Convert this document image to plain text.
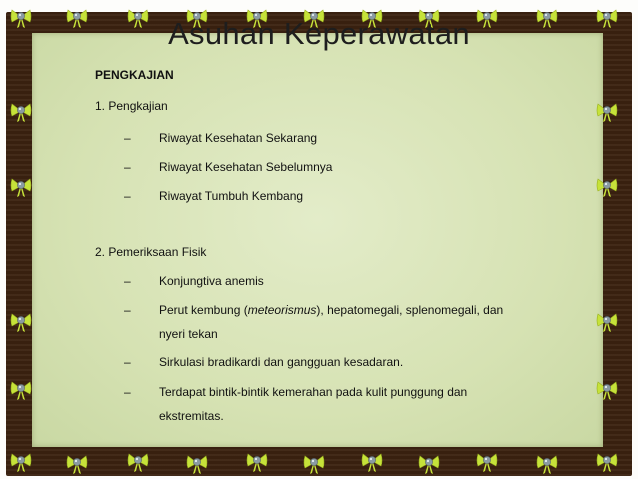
Asuhan Keperawatan
PENGKAJIAN
1. Pengkajian
– Riwayat Kesehatan Sekarang
– Riwayat Kesehatan Sebelumnya
– Riwayat Tumbuh Kembang
2. Pemeriksaan Fisik
– Konjungtiva anemis
– Perut kembung (meteorismus), hepatomegali, splenomegali, dan
nyeri tekan
– Sirkulasi bradikardi dan gangguan kesadaran.
– Terdapat bintik-bintik kemerahan pada kulit punggung dan
ekstremitas.
